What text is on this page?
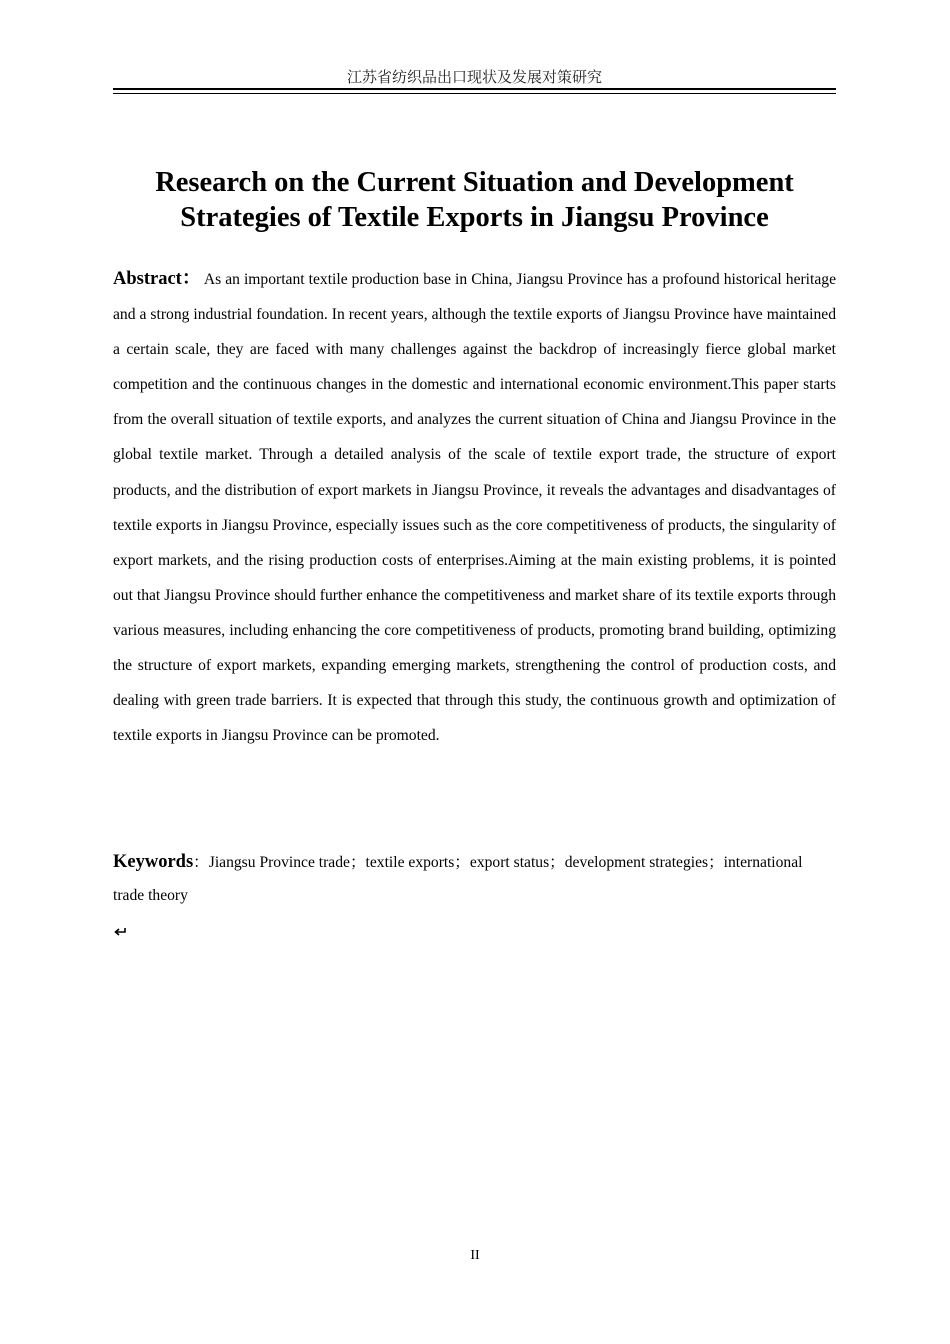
江苏省纺织品出口现状及发展对策研究
Research on the Current Situation and Development
Strategies of Textile Exports in Jiangsu Province
Abstract： As an important textile production base in China, Jiangsu Province has a profound historical heritage and a strong industrial foundation. In recent years, although the textile exports of Jiangsu Province have maintained a certain scale, they are faced with many challenges against the backdrop of increasingly fierce global market competition and the continuous changes in the domestic and international economic environment.This paper starts from the overall situation of textile exports, and analyzes the current situation of China and Jiangsu Province in the global textile market. Through a detailed analysis of the scale of textile export trade, the structure of export products, and the distribution of export markets in Jiangsu Province, it reveals the advantages and disadvantages of textile exports in Jiangsu Province, especially issues such as the core competitiveness of products, the singularity of export markets, and the rising production costs of enterprises.Aiming at the main existing problems, it is pointed out that Jiangsu Province should further enhance the competitiveness and market share of its textile exports through various measures, including enhancing the core competitiveness of products, promoting brand building, optimizing the structure of export markets, expanding emerging markets, strengthening the control of production costs, and dealing with green trade barriers. It is expected that through this study, the continuous growth and optimization of textile exports in Jiangsu Province can be promoted.
Keywords：Jiangsu Province trade；textile exports；export status；development strategies；international trade theory
II
